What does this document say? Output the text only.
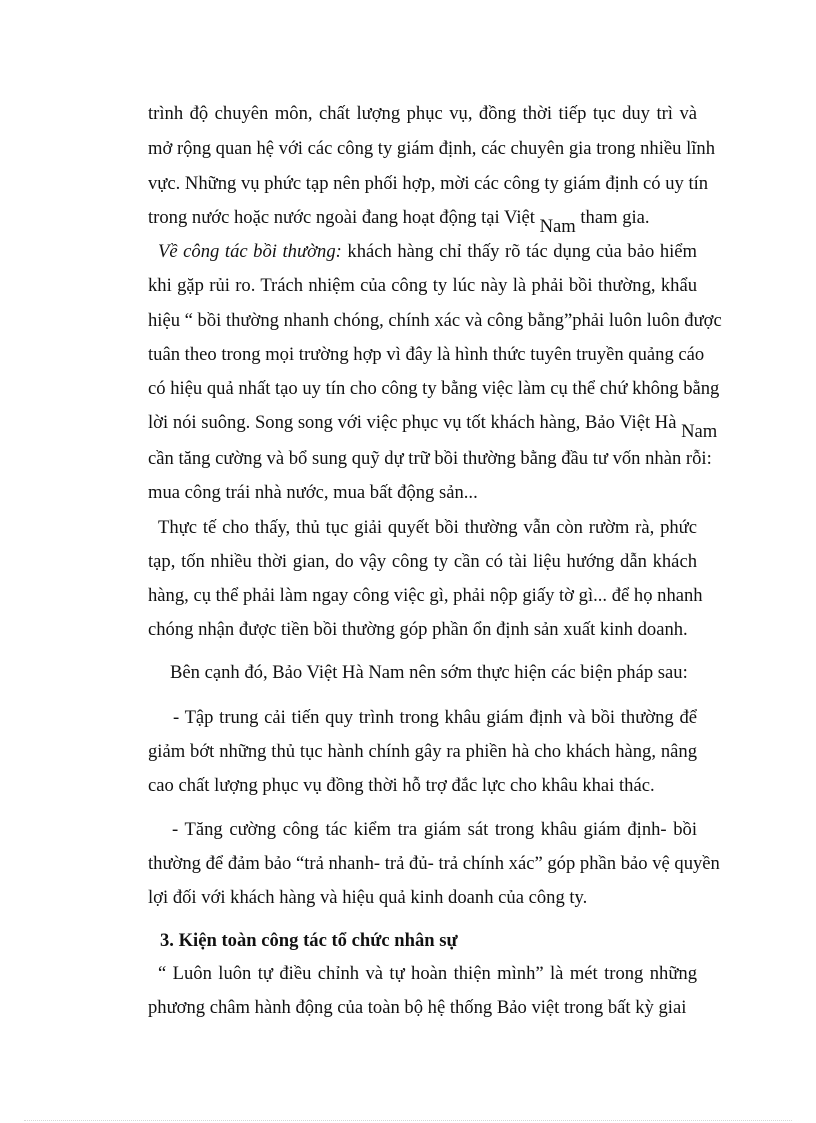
trình độ chuyên môn, chất lượng phục vụ, đồng thời tiếp tục duy trì và
mở rộng quan hệ với các công ty giám định, các chuyên gia trong nhiều lĩnh
vực. Những vụ phức tạp nên phối hợp, mời các công ty giám định có uy tín
trong nước hoặc nước ngoài đang hoạt động tại Việt Nam tham gia.
Về công tác bồi thường: khách hàng chỉ thấy rõ tác dụng của bảo hiểm
khi gặp rủi ro. Trách nhiệm của công ty lúc này là phải bồi thường, khẩu
hiệu “ bồi thường nhanh chóng, chính xác và công bằng”phải luôn luôn được
tuân theo trong mọi trường hợp vì đây là hình thức tuyên truyền quảng cáo
có hiệu quả nhất tạo uy tín cho công ty bằng việc làm cụ thể chứ không bằng
lời nói suông. Song song với việc phục vụ tốt khách hàng, Bảo Việt Hà Nam
cần tăng cường và bổ sung quỹ dự trữ bồi thường bằng đầu tư vốn nhàn rỗi:
mua công trái nhà nước, mua bất động sản...
Thực tế cho thấy, thủ tục giải quyết bồi thường vẫn còn rườm rà, phức
tạp, tốn nhiều thời gian, do vậy công ty cần có tài liệu hướng dẫn khách
hàng, cụ thể phải làm ngay công việc gì, phải nộp giấy tờ gì... để họ nhanh
chóng nhận được tiền bồi thường góp phần ổn định sản xuất kinh doanh.
Bên cạnh đó, Bảo Việt Hà Nam nên sớm thực hiện các biện pháp sau:
- Tập trung cải tiến quy trình trong khâu giám định và bồi thường để
giảm bớt những thủ tục hành chính gây ra phiền hà cho khách hàng, nâng
cao chất lượng phục vụ đồng thời hỗ trợ đắc lực cho khâu khai thác.
- Tăng cường công tác kiểm tra giám sát trong khâu giám định- bồi
thường để đảm bảo “trả nhanh- trả đủ- trả chính xác” góp phần bảo vệ quyền
lợi đối với khách hàng và hiệu quả kinh doanh của công ty.
3. Kiện toàn công tác tổ chức nhân sự
“ Luôn luôn tự điều chỉnh và tự hoàn thiện mình” là mét trong những
phương châm hành động của toàn bộ hệ thống Bảo việt trong bất kỳ giai
